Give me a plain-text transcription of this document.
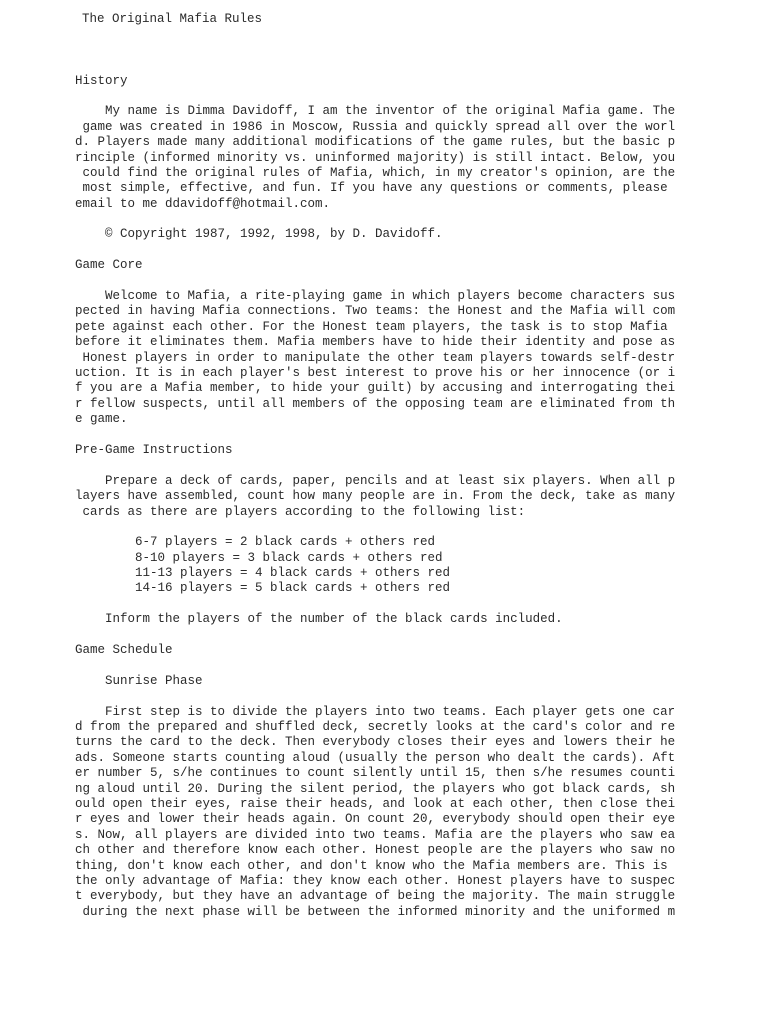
The Original Mafia Rules
History
My name is Dimma Davidoff, I am the inventor of the original Mafia game. The
game was created in 1986 in Moscow, Russia and quickly spread all over the worl
d. Players made many additional modifications of the game rules, but the basic p
rinciple (informed minority vs. uninformed majority) is still intact. Below, you
could find the original rules of Mafia, which, in my creator's opinion, are the
most simple, effective, and fun. If you have any questions or comments, please
email to me ddavidoff@hotmail.com.
© Copyright 1987, 1992, 1998, by D. Davidoff.
Game Core
Welcome to Mafia, a rite-playing game in which players become characters sus
pected in having Mafia connections. Two teams: the Honest and the Mafia will com
pete against each other. For the Honest team players, the task is to stop Mafia
before it eliminates them. Mafia members have to hide their identity and pose as
Honest players in order to manipulate the other team players towards self-destr
uction. It is in each player's best interest to prove his or her innocence (or i
f you are a Mafia member, to hide your guilt) by accusing and interrogating thei
r fellow suspects, until all members of the opposing team are eliminated from th
e game.
Pre-Game Instructions
Prepare a deck of cards, paper, pencils and at least six players. When all p
layers have assembled, count how many people are in. From the deck, take as many
cards as there are players according to the following list:
6-7 players = 2 black cards + others red
8-10 players = 3 black cards + others red
11-13 players = 4 black cards + others red
14-16 players = 5 black cards + others red
Inform the players of the number of the black cards included.
Game Schedule
Sunrise Phase
First step is to divide the players into two teams. Each player gets one car
d from the prepared and shuffled deck, secretly looks at the card's color and re
turns the card to the deck. Then everybody closes their eyes and lowers their he
ads. Someone starts counting aloud (usually the person who dealt the cards). Aft
er number 5, s/he continues to count silently until 15, then s/he resumes counti
ng aloud until 20. During the silent period, the players who got black cards, sh
ould open their eyes, raise their heads, and look at each other, then close thei
r eyes and lower their heads again. On count 20, everybody should open their eye
s. Now, all players are divided into two teams. Mafia are the players who saw ea
ch other and therefore know each other. Honest people are the players who saw no
thing, don't know each other, and don't know who the Mafia members are. This is
the only advantage of Mafia: they know each other. Honest players have to suspec
t everybody, but they have an advantage of being the majority. The main struggle
during the next phase will be between the informed minority and the uniformed m
